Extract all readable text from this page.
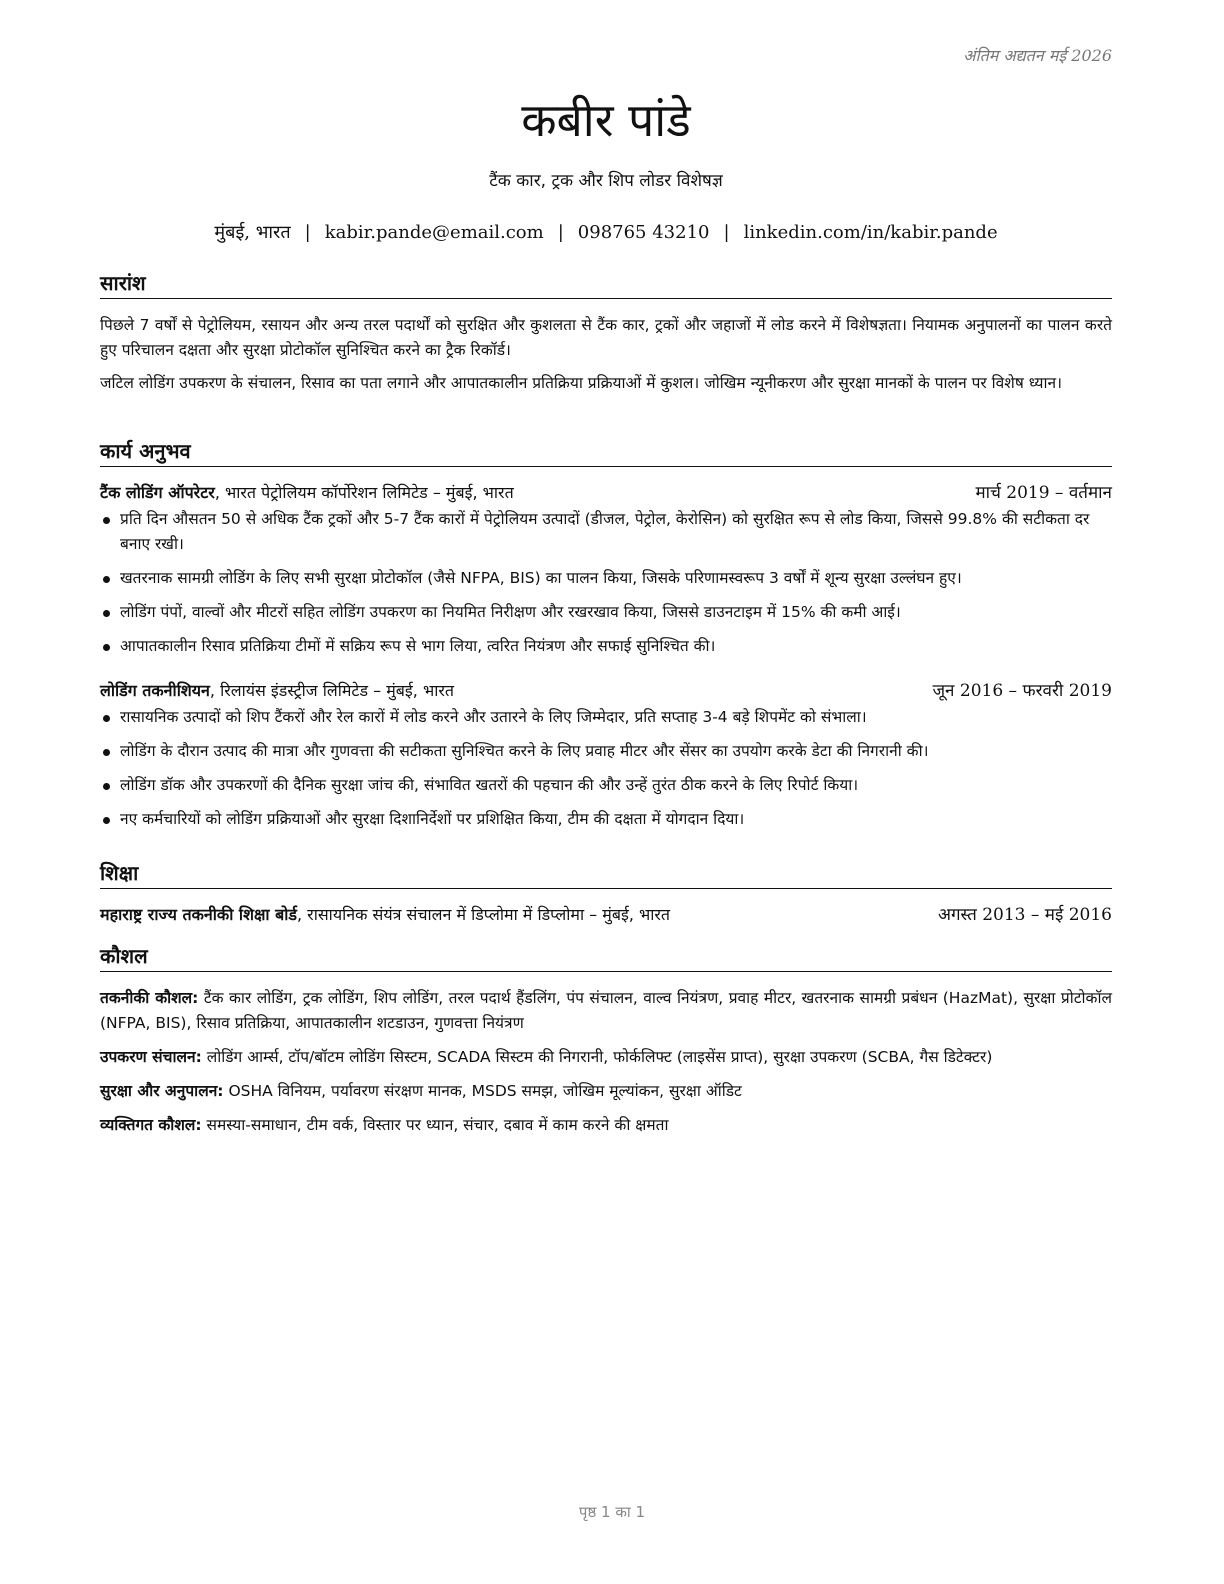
अंतिम अद्यतन मई 2026
कबीर पांडे
टैंक कार, ट्रक और शिप लोडर विशेषज्ञ
मुंबई, भारत | kabir.pande@email.com | 098765 43210 | linkedin.com/in/kabir.pande
सारांश

पिछले 7 वर्षों से पेट्रोलियम, रसायन और अन्य तरल पदार्थों को सुरक्षित और कुशलता से टैंक कार, ट्रकों और जहाजों में लोड करने में विशेषज्ञता। नियामक अनुपालनों का पालन करते हुए परिचालन दक्षता और सुरक्षा प्रोटोकॉल सुनिश्चित करने का ट्रैक रिकॉर्ड।

जटिल लोडिंग उपकरण के संचालन, रिसाव का पता लगाने और आपातकालीन प्रतिक्रिया प्रक्रियाओं में कुशल। जोखिम न्यूनीकरण और सुरक्षा मानकों के पालन पर विशेष ध्यान।

कार्य अनुभव
टैंक लोडिंग ऑपरेटर, भारत पेट्रोलियम कॉर्पोरेशन लिमिटेड – मुंबई, भारत	मार्च 2019 – वर्तमान
प्रति दिन औसतन 50 से अधिक टैंक ट्रकों और 5-7 टैंक कारों में पेट्रोलियम उत्पादों (डीजल, पेट्रोल, केरोसिन) को सुरक्षित रूप से लोड किया, जिससे 99.8% की सटीकता दर बनाए रखी।
खतरनाक सामग्री लोडिंग के लिए सभी सुरक्षा प्रोटोकॉल (जैसे NFPA, BIS) का पालन किया, जिसके परिणामस्वरूप 3 वर्षों में शून्य सुरक्षा उल्लंघन हुए।
लोडिंग पंपों, वाल्वों और मीटरों सहित लोडिंग उपकरण का नियमित निरीक्षण और रखरखाव किया, जिससे डाउनटाइम में 15% की कमी आई।
आपातकालीन रिसाव प्रतिक्रिया टीमों में सक्रिय रूप से भाग लिया, त्वरित नियंत्रण और सफाई सुनिश्चित की।
लोडिंग तकनीशियन, रिलायंस इंडस्ट्रीज लिमिटेड – मुंबई, भारत	जून 2016 – फरवरी 2019
रासायनिक उत्पादों को शिप टैंकरों और रेल कारों में लोड करने और उतारने के लिए जिम्मेदार, प्रति सप्ताह 3-4 बड़े शिपमेंट को संभाला।
लोडिंग के दौरान उत्पाद की मात्रा और गुणवत्ता की सटीकता सुनिश्चित करने के लिए प्रवाह मीटर और सेंसर का उपयोग करके डेटा की निगरानी की।
लोडिंग डॉक और उपकरणों की दैनिक सुरक्षा जांच की, संभावित खतरों की पहचान की और उन्हें तुरंत ठीक करने के लिए रिपोर्ट किया।
नए कर्मचारियों को लोडिंग प्रक्रियाओं और सुरक्षा दिशानिर्देशों पर प्रशिक्षित किया, टीम की दक्षता में योगदान दिया।
शिक्षा
महाराष्ट्र राज्य तकनीकी शिक्षा बोर्ड, रासायनिक संयंत्र संचालन में डिप्लोमा में डिप्लोमा – मुंबई, भारत	अगस्त 2013 – मई 2016
कौशल

तकनीकी कौशल: टैंक कार लोडिंग, ट्रक लोडिंग, शिप लोडिंग, तरल पदार्थ हैंडलिंग, पंप संचालन, वाल्व नियंत्रण, प्रवाह मीटर, खतरनाक सामग्री प्रबंधन (HazMat), सुरक्षा प्रोटोकॉल (NFPA, BIS), रिसाव प्रतिक्रिया, आपातकालीन शटडाउन, गुणवत्ता नियंत्रण

उपकरण संचालन: लोडिंग आर्म्स, टॉप/बॉटम लोडिंग सिस्टम, SCADA सिस्टम की निगरानी, फोर्कलिफ्ट (लाइसेंस प्राप्त), सुरक्षा उपकरण (SCBA, गैस डिटेक्टर)

सुरक्षा और अनुपालन: OSHA विनियम, पर्यावरण संरक्षण मानक, MSDS समझ, जोखिम मूल्यांकन, सुरक्षा ऑडिट

व्यक्तिगत कौशल: समस्या-समाधान, टीम वर्क, विस्तार पर ध्यान, संचार, दबाव में काम करने की क्षमता

पृष्ठ 1 का 1
